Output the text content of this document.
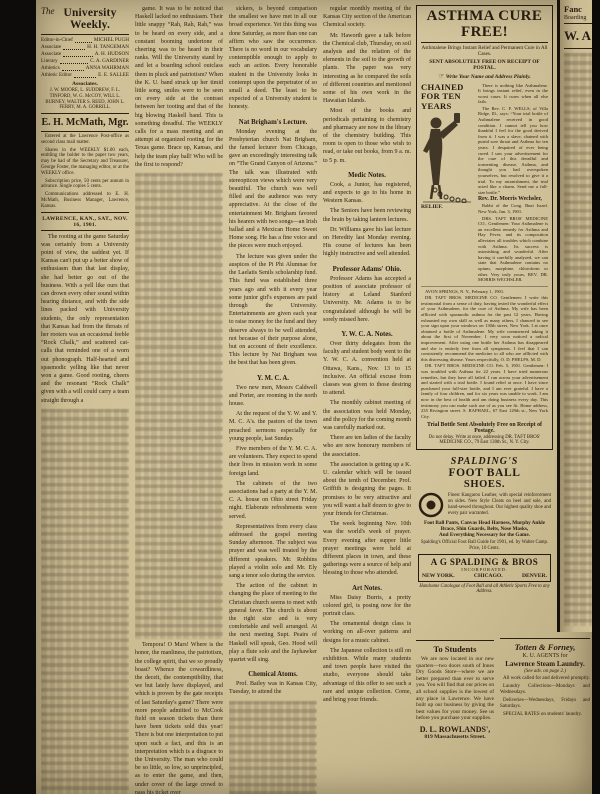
The University Weekly.
Editor-in-Chief	MICHEL PUGH
Associate	H. H. TANGEMAN
Associate	A. H. HUDSON
Literary	C. A. GARDINER
Athletics	ANNA WAHRMAN
Athletic Editor	E. E. SALLEE
Associates.
J. W. MOORE, L. SUDDREW, F. L. TINFORD, W. G. McCOY, WILL L. BURNEY, WALTER S. REED, JOHN L. FERRY, M. A. GORRILL.
E. H. McMath, Mgr.
Entered at the Lawrence Post-office as second class mail matter.
Shares in the WEEKLY $1.00 each, entitling the holder to the paper two years, may be had of the Secretary and Treasurer, George Foster, the managing editor, or at the WEEKLY office.
Subscription price, 50 cents per annum in advance. Single copies 5 cents.
Communications addressed to E. H. McMath, Business Manager, Lawrence, Kansas.
LAWRENCE, KAN., SAT., NOV. 16, 1901.

The rooting at the game Saturday was certainly from a University point of view, the saddest yet. If Kansas can't put up a better show of enthusiasm than that last display, she had better go out of the business. With a yell like ours that can drown every other sound within hearing distance, and with the side lines packed with University students, the only representation that Kansas had from the throats of her rooters was an occasional feeble “Rock Chalk,” and scattered cat-calls that reminded one of a worn out phonograph. Half-hearted and spasmodic yelling like that never won a game. Good rooting, cheers and the resonant “Rock Chalk” given with a will could carry a team straight through a

game. It was to be noticed that Haskell lacked no enthusiasm. Their little snappy “Rah, Rah, Rah,” was to be heard on every side, and a constant booming undertone of cheering was to be heard in their ranks. Will the University stand by and let a boarding school outclass them in pluck and patriotism? When the K. U. band struck up her timid little song, smiles were to be seen on every side at the contrast between her tooting and that of the big blowing Haskell band. This is something dreadful. The WEEKLY calls for a mass meeting and an attempt at organized rooting for the Texas game. Brace up, Kansas, and help the team play ball! Who will be the first to respond?

Tempora! O Mars! Where is the honor, the manliness, the patriotism, the college spirit, that we so proudly boast? Whence the cowardliness, the deceit, the contemptibility, that we but lately have displayed, and which is proven by the gate receipts of last Saturday's game? There were more people admitted to McCook field on season tickets than there have been tickets sold this year! There is but one interpretation to put upon such a fact, and this is an interpretation which is a disgrace to the University. The man who could be so little, so low, so unprincipled, as to enter the game, and then, under cover of the large crowd to pass his ticket over

sickers, is beyond comparison the smallest we have met in all our broad experience. Yet this thing was done Saturday, as more than one can affirm who saw the occurrence. There is no word in our vocabulary contemptible enough to apply to such an action. Every honorable student in the University looks in contempt upon the perpetrator of so small a deed. The least to be expected of a University student is honesty.

Nat Brigham's Lecture.

Monday evening at the Presbyterian church Nat Brigham, the famed lecturer from Chicago, gave an exceedingly interesting talk on “The Grand Canyon of Arizona.” The talk was illustrated with stereopticon views which were very beautiful. The church was well filled and the audience was very appreciative. At the close of the entertainment Mr. Brigham favored his hearers with two songs—an Irish ballad and a Mexican Home Sweet Home song. He has a fine voice and the pieces were much enjoyed.

The lecture was given under the auspices of the Pi Phi Alumnae for the Laelatis Senils scholarship fund. This fund was established three years ago and with it every year some junior girl's expenses are paid through the University. Entertainments are given each year to raise money for the fund and they deserve always to be well attended, not because of their purpose alone, but on account of their excellence. This lecture by Nat Brigham was the best that has been given.

Y. M. C. A.

Two new men, Messrs Caldwell and Porter, are rooming in the north house.

At the request of the Y. W. and Y. M. C. A's. the pastors of the town preached sermons especially for young people, last Sunday.

Five members of the Y. M. C. A. are volunteers. They expect to spend their lives in mission work in some foreign land.

The cabinets of the two associations had a party at the Y. M. C. A. house on Ohio street Friday night. Elaborate refreshments were served.

Representatives from every class addressed the gospel meeting Sunday afternoon. The subject was prayer and was well treated by the different speakers. Mr. Robbins played a violin solo and Mr. Ely sang a tenor solo during the service.

The action of the cabinet in changing the place of meeting to the Christian church seems to meet with general favor. The church is about the right size and is very comfortable and well arranged. At the next meeting Supt. Peairs of Haskell will speak, Geo. Hood will play a flute solo and the Jayhawker quartet will sing.

Chemical Atoms.

Prof. Bailey was in Kansas City, Tuesday, to attend the

regular monthly meeting of the Kansas City section of the American Chemical society.

Mr. Haworth gave a talk before the Chemical club, Thursday, on soil analysis and the relation of the elements in the soil to the growth of plants. The paper was very interesting as he compared the soils of different countries and mentioned some of his own work in the Hawaiian Islands.

Most of the books and periodicals pertaining to chemistry and pharmacy are now in the library of the chemistry building. This room is open to those who wish to read, or take out books, from 9 a. m. to 5 p. m.

Medic Notes.

Cook, a Junior, has registered, and expects to go to his home in Western Kansas.

The Seniors have been reviewing the brain by taking lantern lectures.

Dr. Williams gave his last lecture on Heredity last Monday evening. His course of lectures has been highly instructive and well attended.

Professor Adams' Ohio.

Professor Adams has accepted a position of associate professor of history at Leland Stanford University. Mr. Adams is to be congratulated although he will be sorely missed here.

Y. W. C. A. Notes.

Over thirty delegates from the faculty and student body went to the Y. W. C. A. convention held at Ottawa, Kans., Nov. 13 to 15 inclusive. An official excuse from classes was given to those desiring to attend.

The monthly cabinet meeting of the association was held Monday, and the policy for the coming month was carefully marked out.

There are ten ladies of the faculty who are now honorary members of the association.

The association is getting up a K. U. calendar which will be issued about the tenth of December. Prof. Griffith is designing the pages. It promises to be very attractive and you will want a half dozen to give to your friends for Christmas.

The week beginning Nov. 10th was the world's week of prayer. Every evening after supper little prayer meetings were held at different places in town, and these gatherings were a source of help and blessing to those who attended.

Art Notes.

Miss Daisy Burris, a pretty colored girl, is posing now for the portrait class.

The ornamental design class is working on all-over patterns and designs for a music cabinet.

The Japanese collection is still on exhibition. While many students and town people have visited the studio, everyone should take advantage of this offer to see such a rare and unique collection. Come, and bring your friends.

ASTHMA CURE
FREE!
Asthmalene Brings Instant Relief and Permanent Cure in All Cases.
SENT ABSOLUTELY FREE ON RECEIPT OF POSTAL.
☞ Write Your Name and Address Plainly.
CHAINED
FOR TEN
YEARS
RELIEF.

There is nothing like Asthmalene. It brings instant relief, even in the worst cases. It cures when all else fails.

The Rev. C. F. WELLS, of Villa Ridge, Ill., says: “Your trial bottle of Asthmalene received in good condition. I cannot tell you how thankful I feel for the good derived from it. I was a slave, chained with putrid sore throat and Asthma for ten years. I despaired of ever being cured. I saw your advertisement for the cure of this dreadful and tormenting disease, Asthma, and thought you had overspoken yourselves, but resolved to give it a trial. To my astonishment, the trial acted like a charm. Send me a full-size bottle.”

Rev. Dr. Morris Wechsler,

Rabbi of the Cong. Bnai Israel. New York, Jan. 3, 1901.

DRS. TAFT BROS' MEDICINE CO., Gentlemen: Your Asthmalene is an excellent remedy for Asthma and Hay Fever, and its composition alleviates all troubles which combine with Asthma. Its success is astonishing and wonderful. After having it carefully analyzed, we can state that Asthmalene contains no opium, morphine, chloroform or ether. Very truly yours, REV. DR. MORRIS WECHSLER.

AVON SPRINGS, N. Y., February 1, 1901.

DR. TAFT BROS. MEDICINE CO. Gentlemen: I write this testimonial from a sense of duty, having tested the wonderful effect of your Asthmalene, for the cure of Asthma. My wife has been afflicted with spasmodic asthma for the past 12 years. Having exhausted my own skill as well as many others, I chanced to see your sign upon your windows on 130th street, New York. I at once obtained a bottle of Asthmalene. My wife commenced taking it about the first of November. I very soon noticed a radical improvement. After using one bottle her Asthma has disappeared and she is entirely free from all symptoms. I feel that I can consistently recommend the medicine to all who are afflicted with this distressing disease. Yours respectfully, O. D. PHELPS, M. D.

DR. TAFT BROS. MEDICINE CO. Feb. 5, 1901. Gentlemen: I was troubled with Asthma for 22 years. I have tried numerous remedies, but they have all failed. I ran across your advertisement and started with a trial bottle. I found relief at once. I have since purchased your full-size bottle, and I am ever grateful. I have a family of four children, and for six years was unable to work. I am now in the best of health and am doing business every day. This testimony you can make such use of as you see fit. Home address, 235 Rivington street. S. RAPHAEL, 67 East 129th st., New York City.

Trial Bottle Sent Absolutely Free on Receipt of Postage.
Do not delay. Write at once, addressing DR. TAFT BROS' MEDICINE CO., 79 East 130th St., N. Y. City.
SPALDING'S
FOOT BALL
SHOES.
Finest Kangaroo Leather, with special reinforcement on sides. New Style Cleats on heel and sole, and hand-sewed throughout. Our highest quality shoe and every pair warranted.
Foot Ball Pants, Canvas Head Harness, Murphy Ankle Brace, Shin Guards, Belts, Nose Masks,
And Everything Necessary for the Game.
Spalding's Official Foot Ball Guide for 1901, ed. by Walter Camp. Price, 10 Cents.
A G SPALDING & BROS
INCORPORATED.
NEW YORK.	CHICAGO.	DENVER.
Handsome Catalogue of Foot Ball and all Athletic Sports Free to any Address.
To Students
We are now located in our new quarters—two doors south of Innes Dry Goods Store—where we are better prepared than ever to serve you. You will find that our prices on all school supplies is the lowest of any place in Lawrence. We have built up our business by giving the best values for your money. See us before you purchase your supplies.
D. L. ROWLANDS',
819 Massachusetts Street.
Totten & Forney,
K. U. AGENTS for
Lawrence Steam Laundry.
(See adv. on page 2.)
All work called for and delivered promptly.
Laundry Collections—Mondays and Wednesdays.
Deliveries—Wednesdays, Fridays and Saturdays.
SPECIAL RATES on students' laundry.
Fanc
Boarding
W. A
